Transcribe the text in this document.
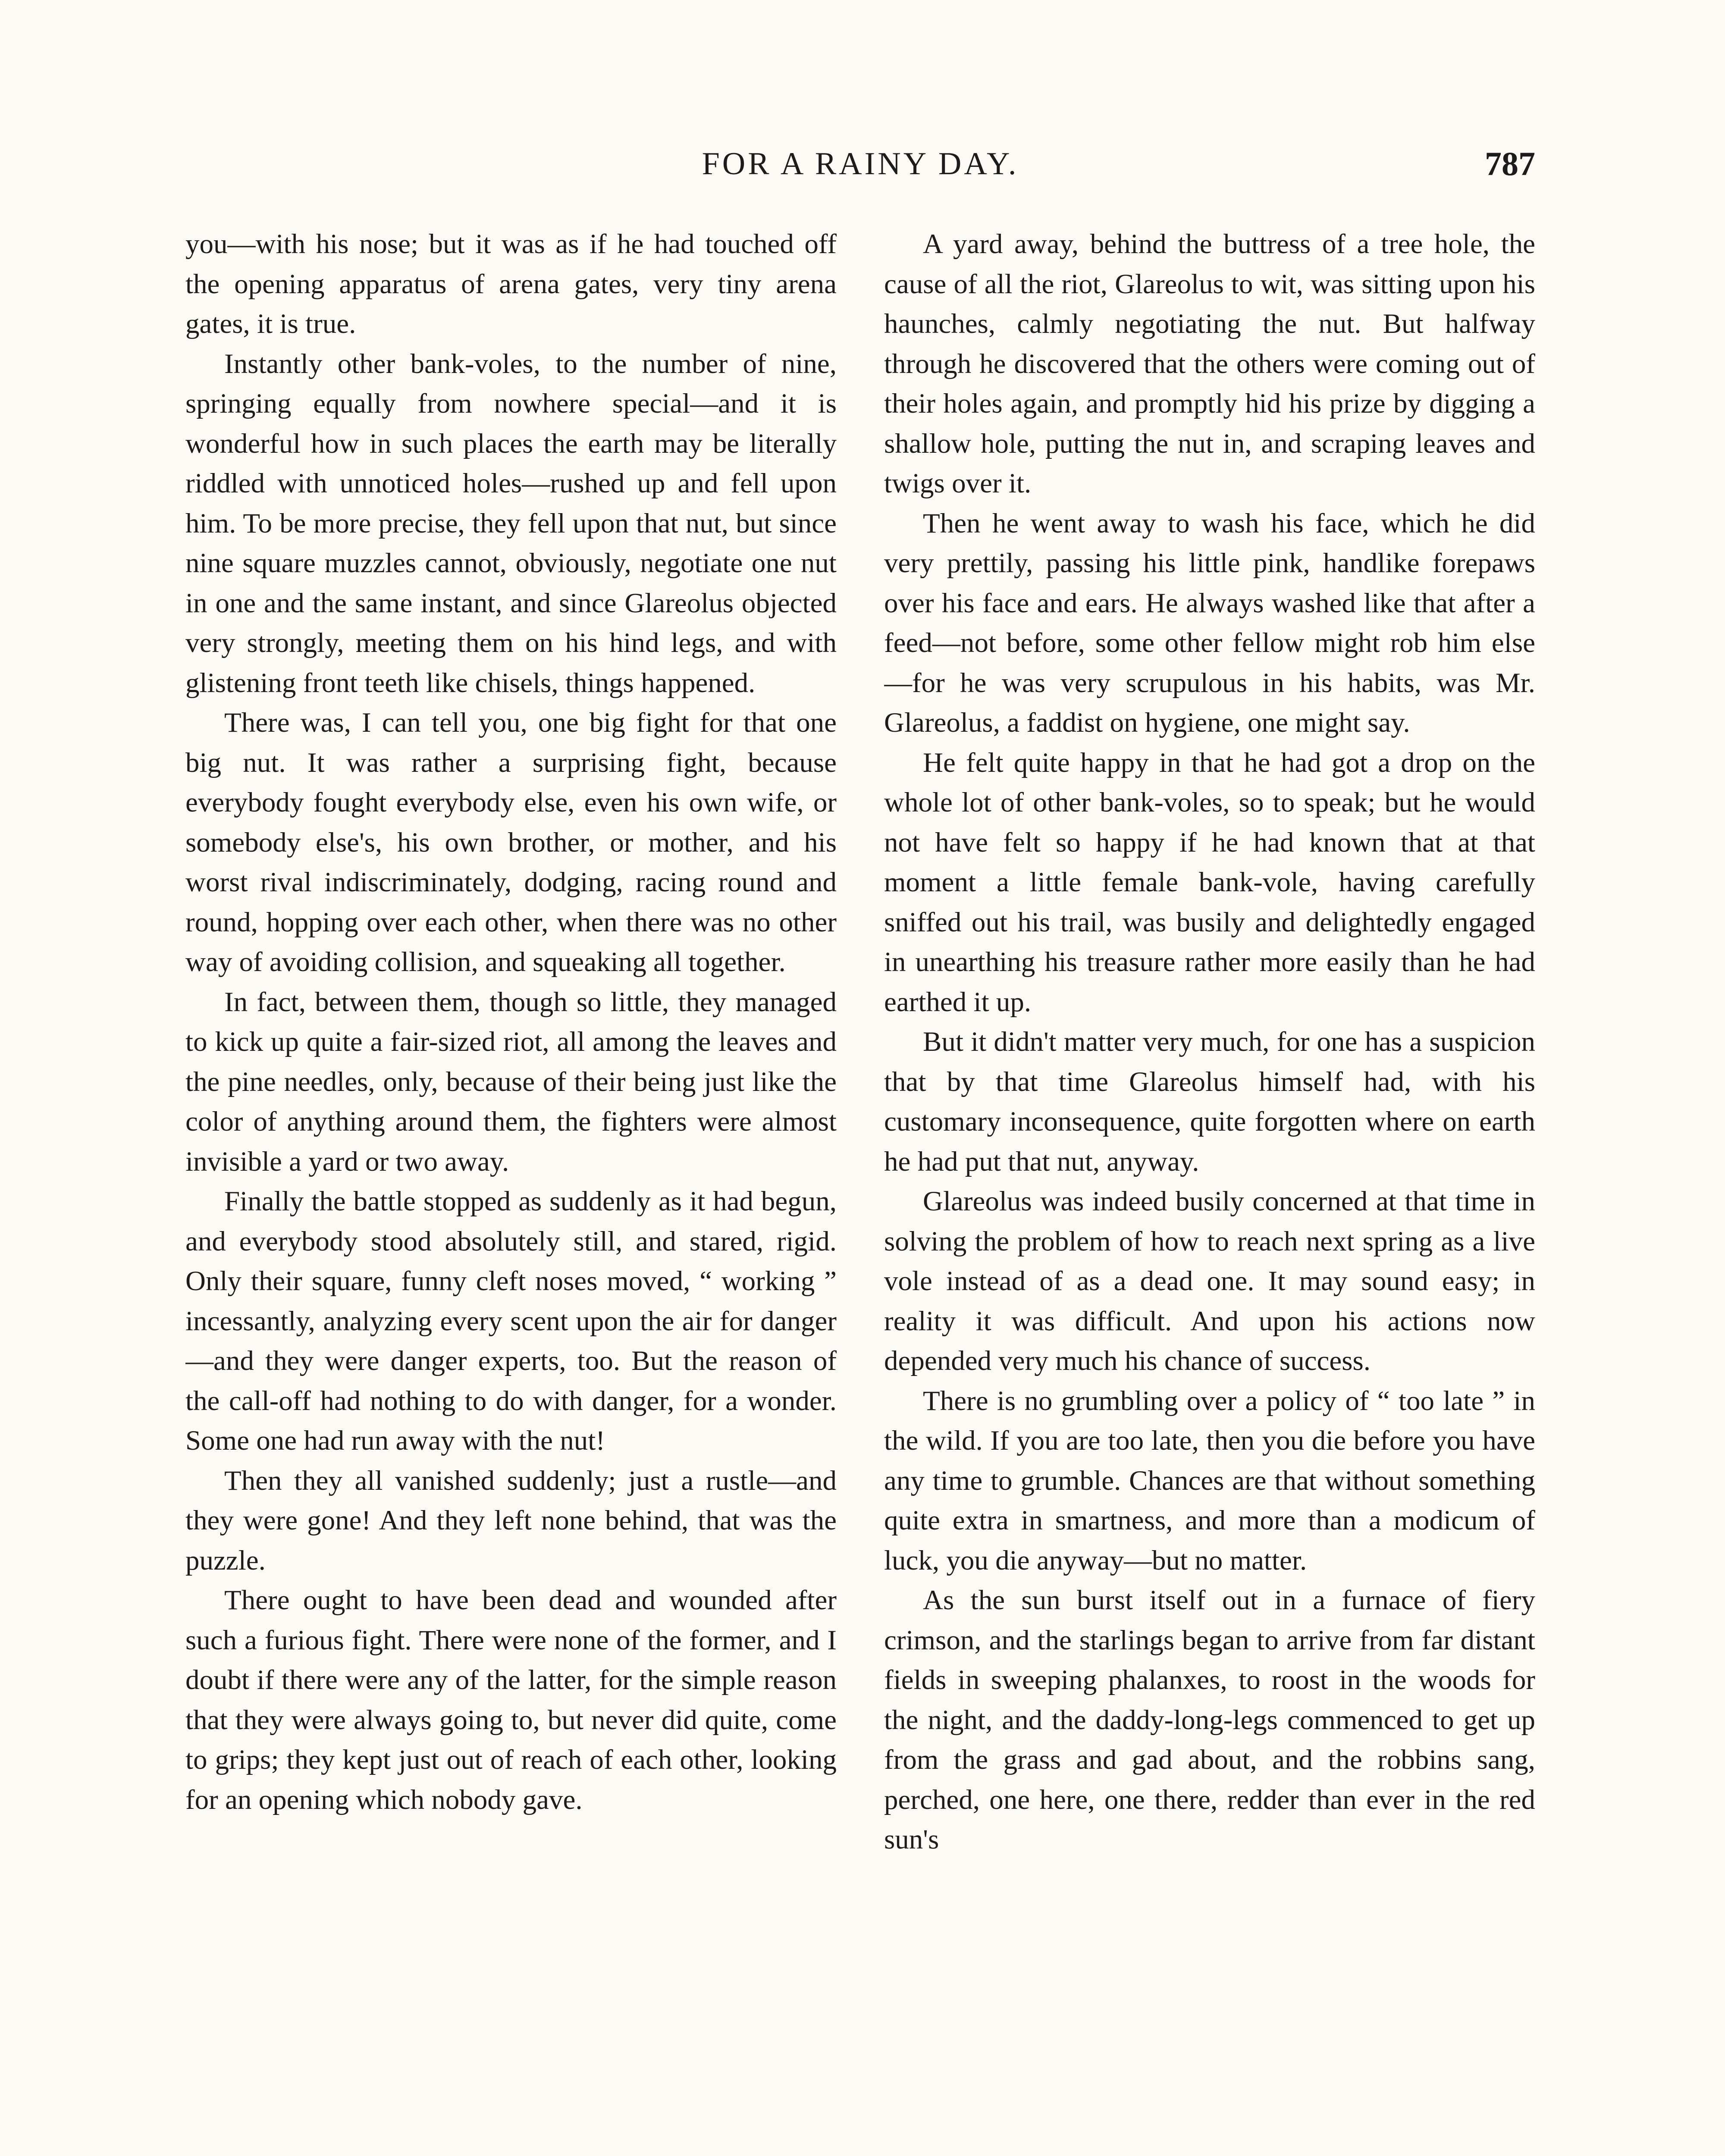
FOR A RAINY DAY.	787

you—with his nose; but it was as if he had touched off the opening apparatus of arena gates, very tiny arena gates, it is true.

Instantly other bank-voles, to the number of nine, springing equally from nowhere special—and it is wonderful how in such places the earth may be literally riddled with unnoticed holes—rushed up and fell upon him. To be more precise, they fell upon that nut, but since nine square muzzles cannot, obviously, negotiate one nut in one and the same instant, and since Glareolus objected very strongly, meeting them on his hind legs, and with glistening front teeth like chisels, things happened.

There was, I can tell you, one big fight for that one big nut. It was rather a surprising fight, because everybody fought everybody else, even his own wife, or somebody else's, his own brother, or mother, and his worst rival indiscriminately, dodging, racing round and round, hopping over each other, when there was no other way of avoiding collision, and squeaking all together.

In fact, between them, though so little, they managed to kick up quite a fair-sized riot, all among the leaves and the pine needles, only, because of their being just like the color of anything around them, the fighters were almost invisible a yard or two away.

Finally the battle stopped as suddenly as it had begun, and everybody stood absolutely still, and stared, rigid. Only their square, funny cleft noses moved, “ working ” incessantly, analyzing every scent upon the air for danger—and they were danger experts, too. But the reason of the call-off had nothing to do with danger, for a wonder. Some one had run away with the nut!

Then they all vanished suddenly; just a rustle—and they were gone! And they left none behind, that was the puzzle.

There ought to have been dead and wounded after such a furious fight. There were none of the former, and I doubt if there were any of the latter, for the simple reason that they were always going to, but never did quite, come to grips; they kept just out of reach of each other, looking for an opening which nobody gave.

A yard away, behind the buttress of a tree hole, the cause of all the riot, Glareolus to wit, was sitting upon his haunches, calmly negotiating the nut. But halfway through he discovered that the others were coming out of their holes again, and promptly hid his prize by digging a shallow hole, putting the nut in, and scraping leaves and twigs over it.

Then he went away to wash his face, which he did very prettily, passing his little pink, handlike forepaws over his face and ears. He always washed like that after a feed—not before, some other fellow might rob him else—for he was very scrupulous in his habits, was Mr. Glareolus, a faddist on hygiene, one might say.

He felt quite happy in that he had got a drop on the whole lot of other bank-voles, so to speak; but he would not have felt so happy if he had known that at that moment a little female bank-vole, having carefully sniffed out his trail, was busily and delightedly engaged in unearthing his treasure rather more easily than he had earthed it up.

But it didn't matter very much, for one has a suspicion that by that time Glareolus himself had, with his customary inconsequence, quite forgotten where on earth he had put that nut, anyway.

Glareolus was indeed busily concerned at that time in solving the problem of how to reach next spring as a live vole instead of as a dead one. It may sound easy; in reality it was difficult. And upon his actions now depended very much his chance of success.

There is no grumbling over a policy of “ too late ” in the wild. If you are too late, then you die before you have any time to grumble. Chances are that without something quite extra in smartness, and more than a modicum of luck, you die anyway—but no matter.

As the sun burst itself out in a furnace of fiery crimson, and the starlings began to arrive from far distant fields in sweeping phalanxes, to roost in the woods for the night, and the daddy-long-legs commenced to get up from the grass and gad about, and the robbins sang, perched, one here, one there, redder than ever in the red sun's
